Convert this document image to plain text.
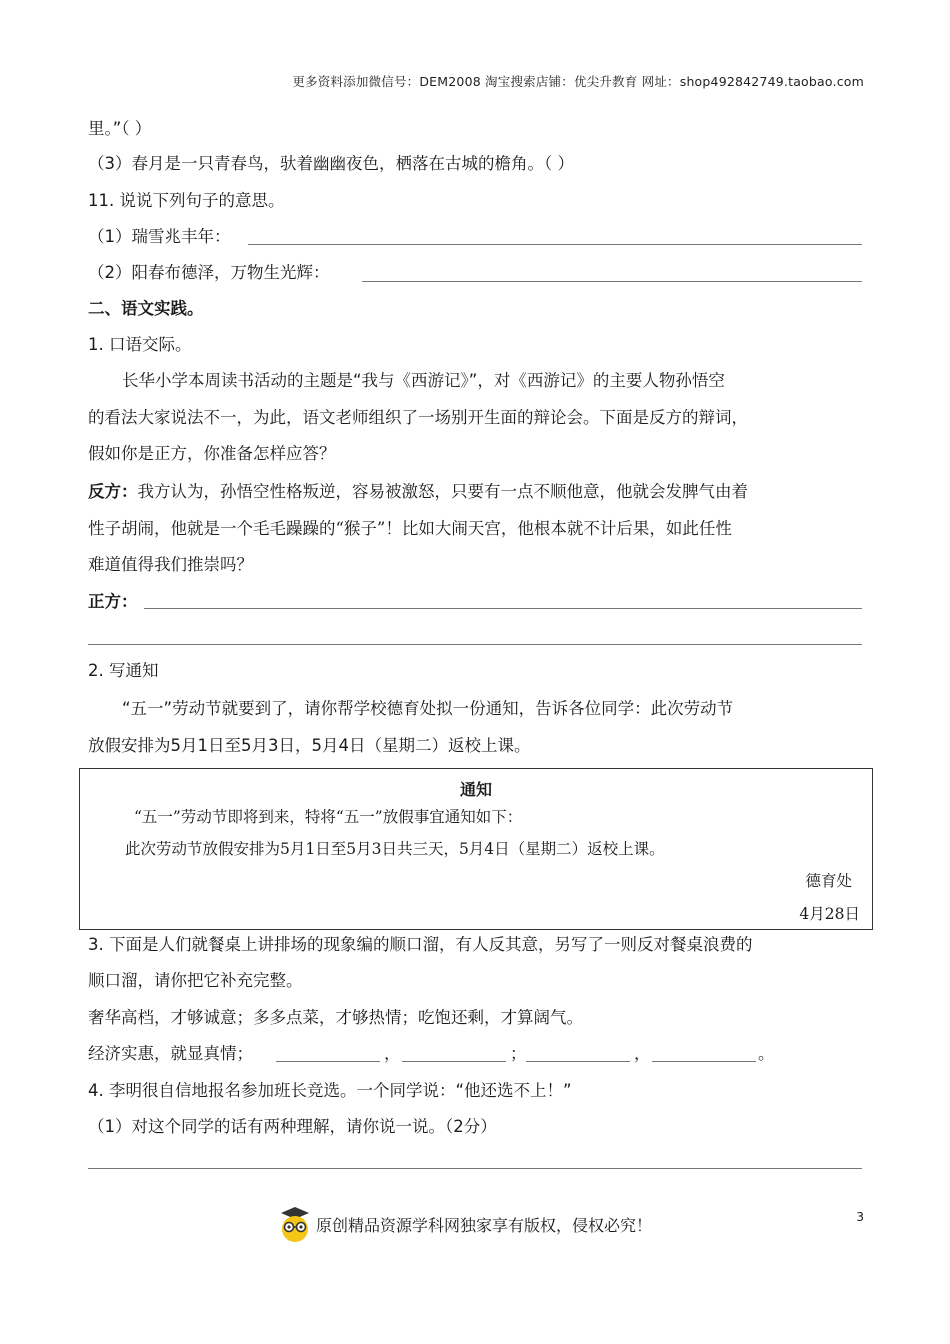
更多资料添加微信号：DEM2008 淘宝搜索店铺：优尖升教育 网址：shop492842749.taobao.com
里。”（ ）
（3）春月是一只青春鸟，驮着幽幽夜色，栖落在古城的檐角。（ ）
11. 说说下列句子的意思。
（1）瑞雪兆丰年：
（2）阳春布德泽，万物生光辉：
二、语文实践。
1. 口语交际。
长华小学本周读书活动的主题是“我与《西游记》”，对《西游记》的主要人物孙悟空
的看法大家说法不一，为此，语文老师组织了一场别开生面的辩论会。下面是反方的辩词，
假如你是正方，你准备怎样应答？
反方：我方认为，孙悟空性格叛逆，容易被激怒，只要有一点不顺他意，他就会发脾气由着
性子胡闹，他就是一个毛毛躁躁的“猴子”！比如大闹天宫，他根本就不计后果，如此任性
难道值得我们推崇吗？
正方：
2. 写通知
“五一”劳动节就要到了，请你帮学校德育处拟一份通知，告诉各位同学：此次劳动节
放假安排为5月1日至5月3日，5月4日（星期二）返校上课。
通知
“五一”劳动节即将到来，特将“五一”放假事宜通知如下：
此次劳动节放假安排为5月1日至5月3日共三天，5月4日（星期二）返校上课。
德育处
4月28日
3. 下面是人们就餐桌上讲排场的现象编的顺口溜，有人反其意，另写了一则反对餐桌浪费的
顺口溜，请你把它补充完整。
奢华高档，才够诚意；多多点菜，才够热情；吃饱还剩，才算阔气。
经济实惠，就显真情；	，	；	，	。
4. 李明很自信地报名参加班长竞选。一个同学说：“他还选不上！”
（1）对这个同学的话有两种理解，请你说一说。（2分）
原创精品资源学科网独家享有版权，侵权必究！	3
